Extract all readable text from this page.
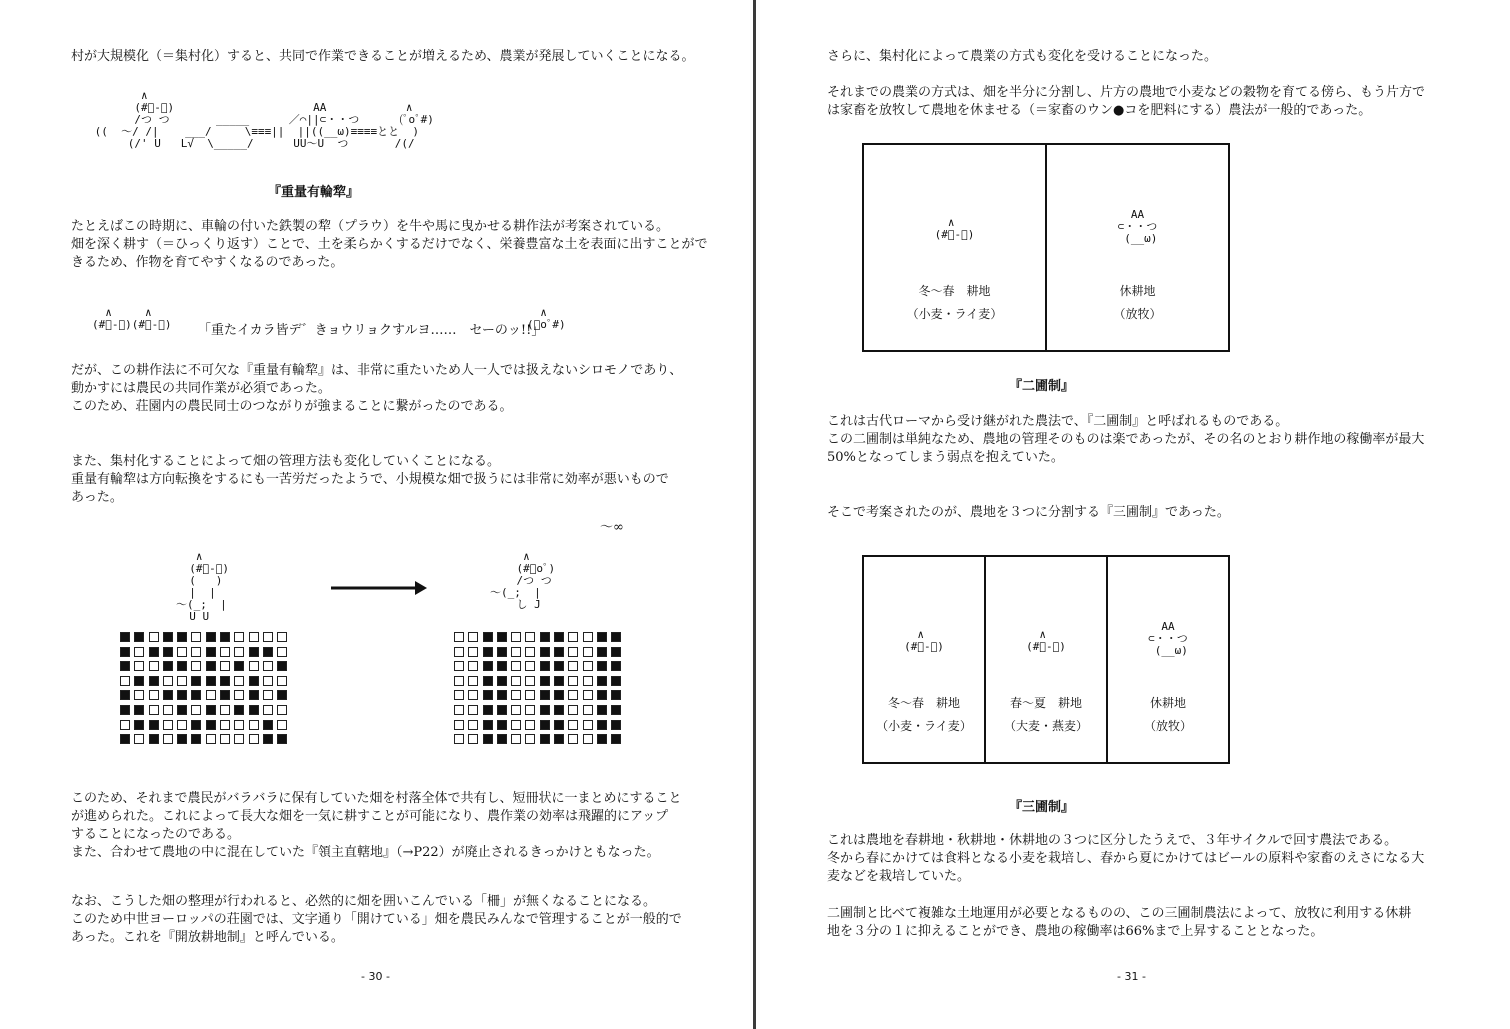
村が大規模化（＝集村化）すると、共同で作業できることが増えるため、農業が発展していくことになる。
∧
(#ﾟ-ﾟ)                     AA            ∧
/つ つ       _____      ／⌒||⊂・・つ      (ﾟoﾟ#)
((  ～/ /|    ___/     \≡≡≡||  ||((__ω)≡≡≡≡とと  )
(/' U   L√  \_____/      UU～U  つ       /(/

『重量有輪犂』
たとえばこの時期に、車輪の付いた鉄製の犂（プラウ）を牛や馬に曳かせる耕作法が考案されている。
畑を深く耕す（＝ひっくり返す）ことで、土を柔らかくするだけでなく、栄養豊富な土を表面に出すことがで
きるため、作物を育てやすくなるのであった。
∧     ∧
(#ﾟ-ﾟ)(#ﾟ-ﾟ) 「重たイカラ皆デ゛きョウリョクすルヨ……　セーのッ!!」
∧
(ﾟoﾟ#)
だが、この耕作法に不可欠な『重量有輪犂』は、非常に重たいため人一人では扱えないシロモノであり、
動かすには農民の共同作業が必須であった。
このため、荘園内の農民同士のつながりが強まることに繋がったのである。
また、集村化することによって畑の管理方法も変化していくことになる。
重量有輪犂は方向転換をするにも一苦労だったようで、小規模な畑で扱うには非常に効率が悪いもので
あった。
～∞
∧
(#ﾟ-ﾟ)
(   )
|  |
～(_;  |
U U
∧
(#ﾟoﾟ)
/つ つ
～(_;  |
し J
このため、それまで農民がバラバラに保有していた畑を村落全体で共有し、短冊状に一まとめにすること
が進められた。これによって長大な畑を一気に耕すことが可能になり、農作業の効率は飛躍的にアップ
することになったのである。
また、合わせて農地の中に混在していた『領主直轄地』（→P22）が廃止されるきっかけともなった。
なお、こうした畑の整理が行われると、必然的に畑を囲いこんでいる「柵」が無くなることになる。
このため中世ヨーロッパの荘園では、文字通り「開けている」畑を農民みんなで管理することが一般的で
あった。これを『開放耕地制』と呼んでいる。
- 30 -
さらに、集村化によって農業の方式も変化を受けることになった。
それまでの農業の方式は、畑を半分に分割し、片方の農地で小麦などの穀物を育てる傍ら、もう片方で
は家畜を放牧して農地を休ませる（＝家畜のウン●コを肥料にする）農法が一般的であった。
∧
(#ﾟ-ﾟ)
冬～春　耕地
（小麦・ライ麦）
AA
⊂・・つ
(__ω)
休耕地
（放牧）
『二圃制』
これは古代ローマから受け継がれた農法で、『二圃制』と呼ばれるものである。
この二圃制は単純なため、農地の管理そのものは楽であったが、その名のとおり耕作地の稼働率が最大
50%となってしまう弱点を抱えていた。
そこで考案されたのが、農地を３つに分割する『三圃制』であった。
∧
(#ﾟ-ﾟ)
冬～春　耕地
（小麦・ライ麦）
∧
(#ﾟ-ﾟ)
春～夏　耕地
（大麦・燕麦）
AA
⊂・・つ
(__ω)
休耕地
（放牧）
『三圃制』
これは農地を春耕地・秋耕地・休耕地の３つに区分したうえで、３年サイクルで回す農法である。
冬から春にかけては食料となる小麦を栽培し、春から夏にかけてはビールの原料や家畜のえさになる大
麦などを栽培していた。
二圃制と比べて複雑な土地運用が必要となるものの、この三圃制農法によって、放牧に利用する休耕
地を３分の１に抑えることができ、農地の稼働率は66%まで上昇することとなった。
- 31 -
